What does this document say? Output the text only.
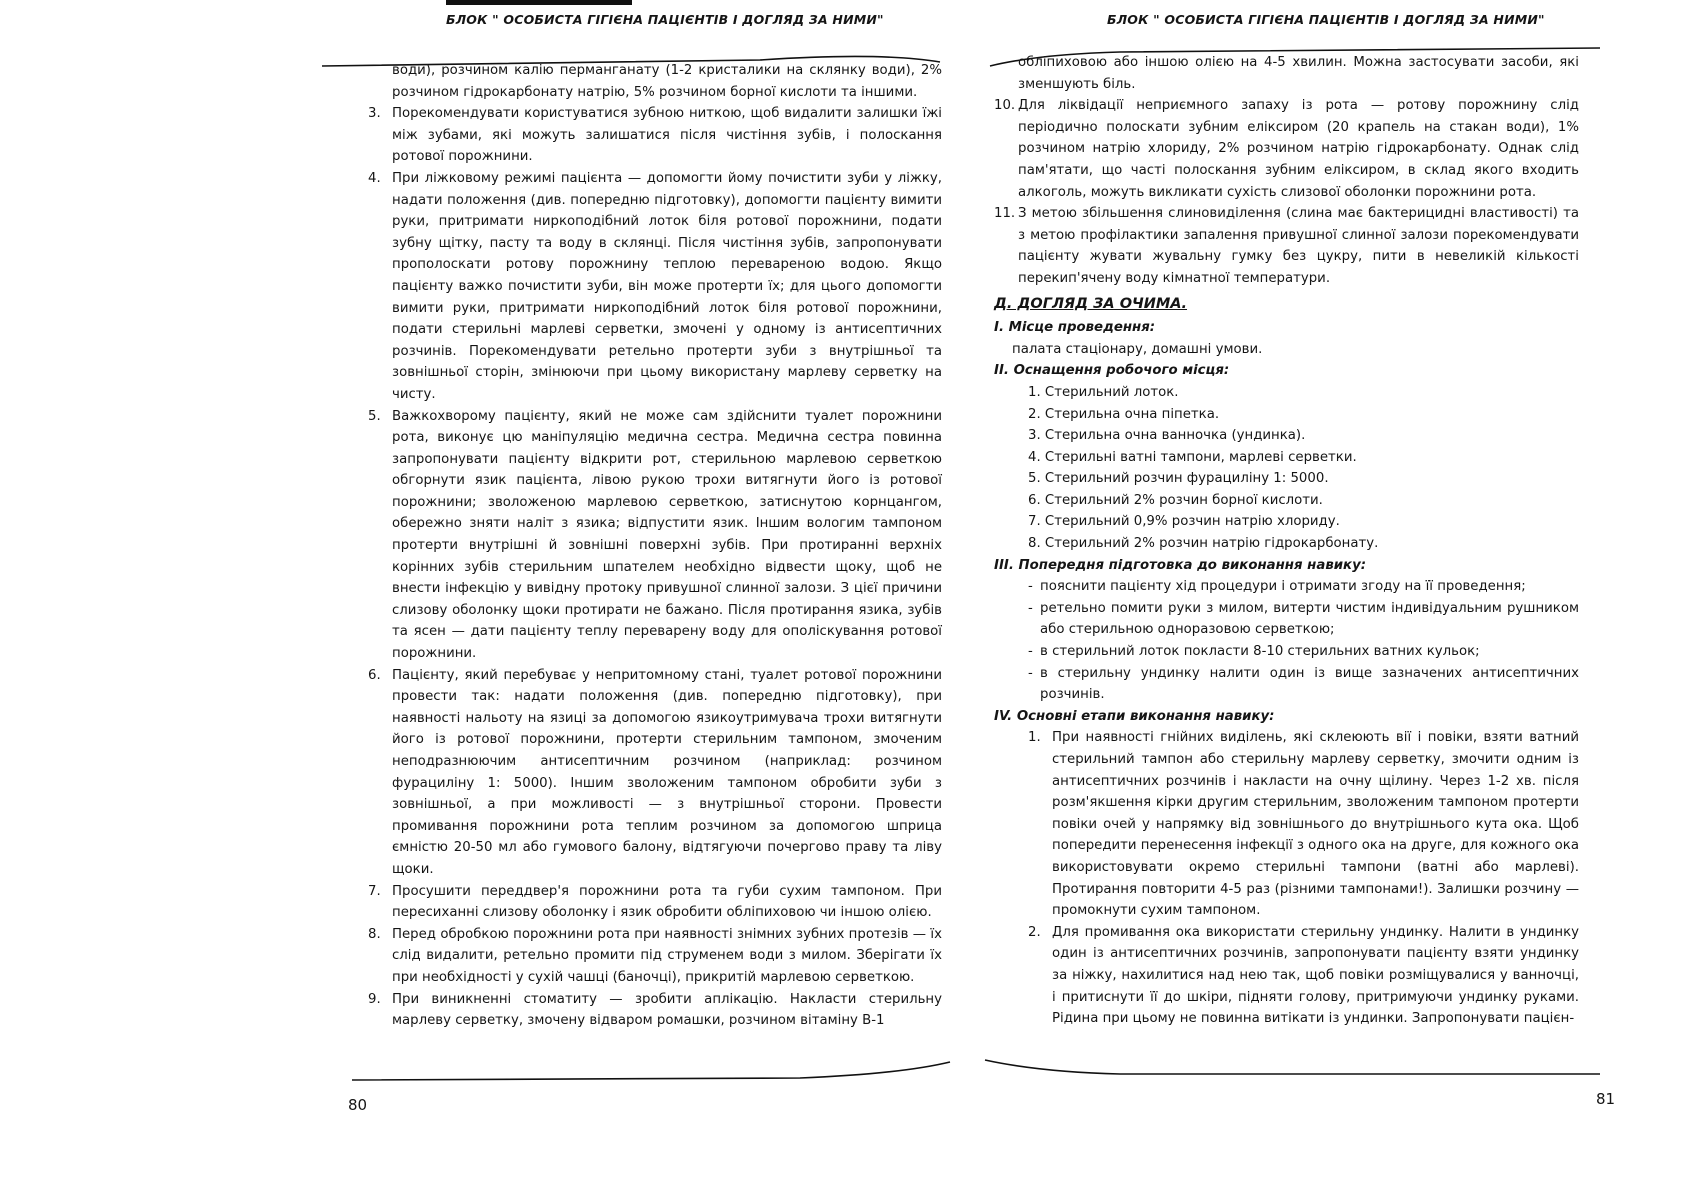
БЛОК " ОСОБИСТА ГІГІЄНА ПАЦІЄНТІВ І ДОГЛЯД ЗА НИМИ"

води), розчином калію перманганату (1-2 кристалики на склянку води), 2% розчином гідрокарбонату натрію, 5% розчином борної кислоти та іншими.

3. Порекомендувати користуватися зубною ниткою, щоб видалити залишки їжі між зубами, які можуть залишатися після чистіння зубів, і полоскання ротової порожнини.
4. При ліжковому режимі пацієнта — допомогти йому почистити зуби у ліжку, надати положення (див. попередню підготовку), допомогти пацієнту вимити руки, притримати ниркоподібний лоток біля ротової порожнини, подати зубну щітку, пасту та воду в склянці. Після чистіння зубів, запропонувати прополоскати ротову порожнину теплою перевареною водою. Якщо пацієнту важко почистити зуби, він може протерти їх; для цього допомогти вимити руки, притримати ниркоподібний лоток біля ротової порожнини, подати стерильні марлеві серветки, змочені у одному із антисептичних розчинів. Порекомендувати ретельно протерти зуби з внутрішньої та зовнішньої сторін, змінюючи при цьому використану марлеву серветку на чисту.
5. Важкохворому пацієнту, який не може сам здійснити туалет порожнини рота, виконує цю маніпуляцію медична сестра. Медична сестра повинна запропонувати пацієнту відкрити рот, стерильною марлевою серветкою обгорнути язик пацієнта, лівою рукою трохи витягнути його із ротової порожнини; зволоженою марлевою серветкою, затиснутою корнцангом, обережно зняти наліт з язика; відпустити язик. Іншим вологим тампоном протерти внутрішні й зовнішні поверхні зубів. При протиранні верхніх корінних зубів стерильним шпателем необхідно відвести щоку, щоб не внести інфекцію у вивідну протоку привушної слинної залози. З цієї причини слизову оболонку щоки протирати не бажано. Після протирання язика, зубів та ясен — дати пацієнту теплу переварену воду для ополіскування ротової порожнини.
6. Пацієнту, який перебуває у непритомному стані, туалет ротової порожнини провести так: надати положення (див. попередню підготовку), при наявності нальоту на язиці за допомогою язикоутримувача трохи витягнути його із ротової порожнини, протерти стерильним тампоном, змоченим неподразнюючим антисептичним розчином (наприклад: розчином фурациліну 1: 5000). Іншим зволоженим тампоном обробити зуби з зовнішньої, а при можливості — з внутрішньої сторони. Провести промивання порожнини рота теплим розчином за допомогою шприца ємністю 20-50 мл або гумового балону, відтягуючи почергово праву та ліву щоки.
7. Просушити переддвер'я порожнини рота та губи сухим тампоном. При пересиханні слизову оболонку і язик обробити обліпиховою чи іншою олією.
8. Перед обробкою порожнини рота при наявності знімних зубних протезів — їх слід видалити, ретельно промити під струменем води з милом. Зберігати їх при необхідності у сухій чашці (баночці), прикритій марлевою серветкою.
9. При виникненні стоматиту — зробити аплікацію. Накласти стерильну марлеву серветку, змочену відваром ромашки, розчином вітаміну В-1
80
БЛОК " ОСОБИСТА ГІГІЄНА ПАЦІЄНТІВ І ДОГЛЯД ЗА НИМИ"

обліпиховою або іншою олією на 4-5 хвилин. Можна застосувати засоби, які зменшують біль.

10. Для ліквідації неприємного запаху із рота — ротову порожнину слід періодично полоскати зубним еліксиром (20 крапель на стакан води), 1% розчином натрію хлориду, 2% розчином натрію гідрокарбонату. Однак слід пам'ятати, що часті полоскання зубним еліксиром, в склад якого входить алкоголь, можуть викликати сухість слизової оболонки порожнини рота.
11. З метою збільшення слиновиділення (слина має бактерицидні властивості) та з метою профілактики запалення привушної слинної залози порекомендувати пацієнту жувати жувальну гумку без цукру, пити в невеликій кількості перекип'ячену воду кімнатної температури.

Д. ДОГЛЯД ЗА ОЧИМА.

І. Місце проведення:

палата стаціонару, домашні умови.

ІІ. Оснащення робочого місця:

1. Стерильний лоток.

2. Стерильна очна піпетка.

3. Стерильна очна ванночка (ундинка).

4. Стерильні ватні тампони, марлеві серветки.

5. Стерильний розчин фурациліну 1: 5000.

6. Стерильний 2% розчин борної кислоти.

7. Стерильний 0,9% розчин натрію хлориду.

8. Стерильний 2% розчин натрію гідрокарбонату.

ІІІ. Попередня підготовка до виконання навику:

- пояснити пацієнту хід процедури і отримати згоду на її проведення;
- ретельно помити руки з милом, витерти чистим індивідуальним рушником або стерильною одноразовою серветкою;
- в стерильний лоток покласти 8-10 стерильних ватних кульок;
- в стерильну ундинку налити один із вище зазначених антисептичних розчинів.

IV. Основні етапи виконання навику:

1. При наявності гнійних виділень, які склеюють вії і повіки, взяти ватний стерильний тампон або стерильну марлеву серветку, змочити одним із антисептичних розчинів і накласти на очну щілину. Через 1-2 хв. після розм'якшення кірки другим стерильним, зволоженим тампоном протерти повіки очей у напрямку від зовнішнього до внутрішнього кута ока. Щоб попередити перенесення інфекції з одного ока на друге, для кожного ока використовувати окремо стерильні тампони (ватні або марлеві). Протирання повторити 4-5 раз (різними тампонами!). Залишки розчину — промокнути сухим тампоном.
2. Для промивання ока використати стерильну ундинку. Налити в ундинку один із антисептичних розчинів, запропонувати пацієнту взяти ундинку за ніжку, нахилитися над нею так, щоб повіки розміщувалися у ванночці, і притиснути її до шкіри, підняти голову, притримуючи ундинку руками. Рідина при цьому не повинна витікати із ундинки. Запропонувати пацієн-
81
